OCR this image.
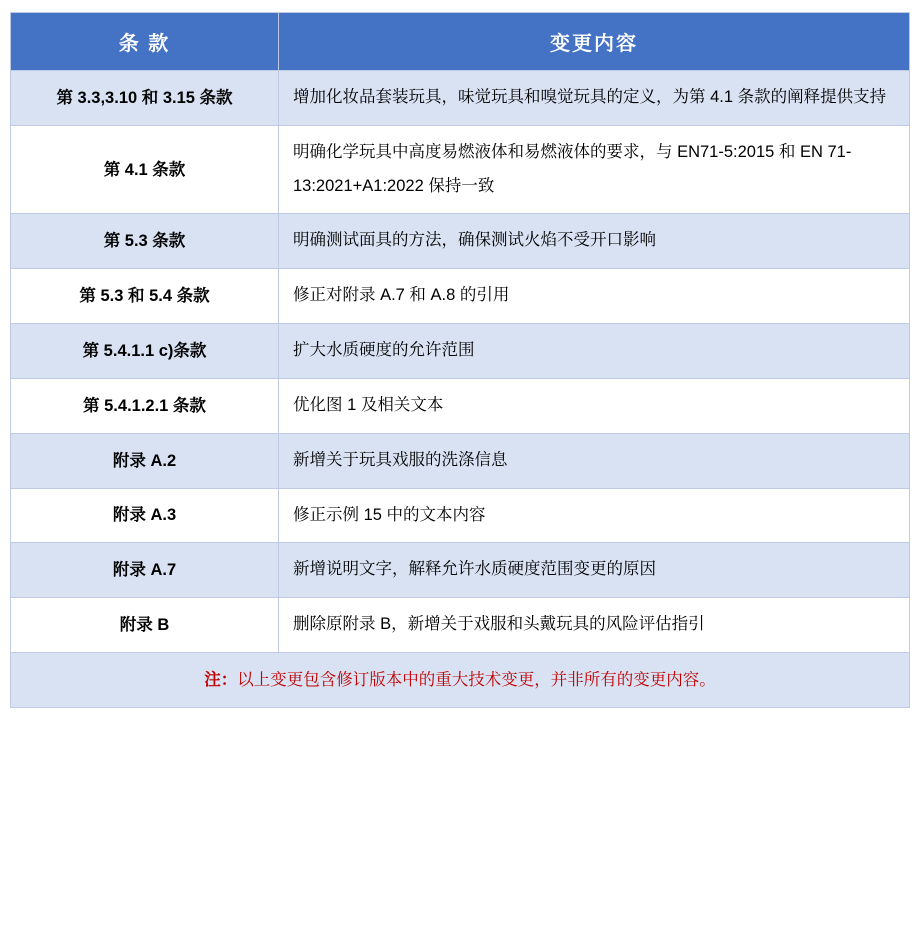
条 款	变更内容
第 3.3,3.10 和 3.15 条款	增加化妆品套装玩具，味觉玩具和嗅觉玩具的定义，为第 4.1 条款的阐释提供支持
第 4.1 条款	明确化学玩具中高度易燃液体和易燃液体的要求，与 EN71-5:2015 和 EN 71-13:2021+A1:2022 保持一致
第 5.3 条款	明确测试面具的方法，确保测试火焰不受开口影响
第 5.3 和 5.4 条款	修正对附录 A.7 和 A.8 的引用
第 5.4.1.1 c)条款	扩大水质硬度的允许范围
第 5.4.1.2.1 条款	优化图 1 及相关文本
附录 A.2	新增关于玩具戏服的洗涤信息
附录 A.3	修正示例 15 中的文本内容
附录 A.7	新增说明文字，解释允许水质硬度范围变更的原因
附录 B	删除原附录 B，新增关于戏服和头戴玩具的风险评估指引
注：以上变更包含修订版本中的重大技术变更，并非所有的变更内容。	
